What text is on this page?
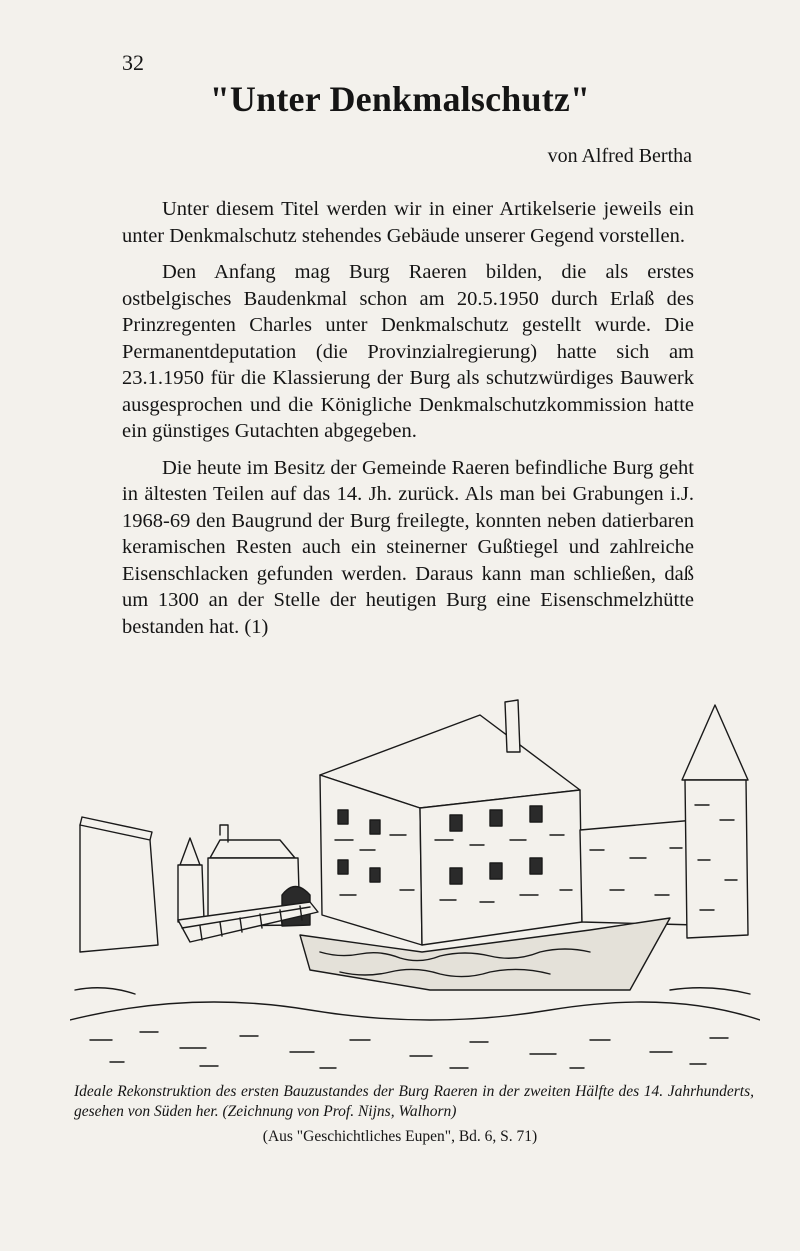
32
"Unter Denkmalschutz"
von Alfred Bertha

Unter diesem Titel werden wir in einer Artikelserie jeweils ein unter Denkmalschutz stehendes Gebäude unserer Gegend vorstellen.

Den Anfang mag Burg Raeren bilden, die als erstes ostbelgisches Baudenkmal schon am 20.5.1950 durch Erlaß des Prinzregenten Charles unter Denkmalschutz gestellt wurde. Die Permanentdeputation (die Provinzialregierung) hatte sich am 23.1.1950 für die Klassierung der Burg als schutzwürdiges Bauwerk ausgesprochen und die Königliche Denkmalschutzkommission hatte ein günstiges Gutachten abgegeben.

Die heute im Besitz der Gemeinde Raeren befindliche Burg geht in ältesten Teilen auf das 14. Jh. zurück. Als man bei Grabungen i.J. 1968-69 den Baugrund der Burg freilegte, konnten neben datierbaren keramischen Resten auch ein steinerner Gußtiegel und zahlreiche Eisenschlacken gefunden werden. Daraus kann man schließen, daß um 1300 an der Stelle der heutigen Burg eine Eisenschmelzhütte bestanden hat. (1)

Ideale Rekonstruktion des ersten Bauzustandes der Burg Raeren in der zweiten Hälfte des 14. Jahrhunderts, gesehen von Süden her. (Zeichnung von Prof. Nijns, Walhorn)

(Aus "Geschichtliches Eupen", Bd. 6, S. 71)
